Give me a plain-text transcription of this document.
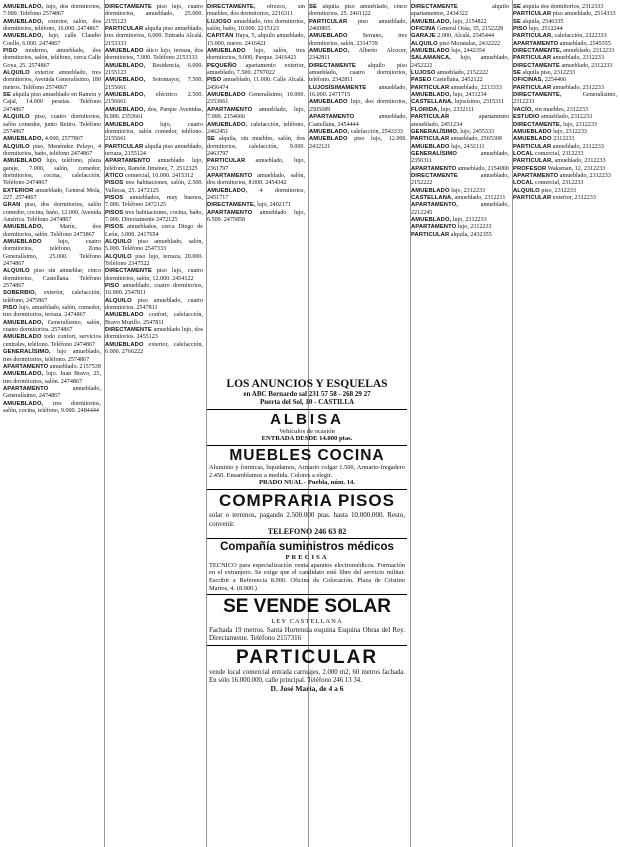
AMUEBLADO, lujo, dos dormitorios, 7.000. Teléfono 2574867

AMUEBLADO, exterior, salón, dos dormitorios, teléfono, 16.000. 2474867

AMUEBLADO, lujo, calle Claudio Coello, 6.000. 2474867

PISO moderno, amueblado, dos dormitorios, salón, teléfono, cerca Calle Goya, 25. 2574867

ALQUILO exterior amueblado, tres dormitorios, Avenida Generalísimo, 180 metros. Teléfono 2574867

SE alquila piso amueblado en Ramón y Cajal, 14.000 pesetas. Teléfono 2474867

ALQUILO piso, cuatro dormitorios, salón comedor, junto Retiro. Teléfono 2574867

AMUEBLADO, 4.000, 2577867

ALQUILO piso, Menéndez Pelayo, 4 dormitorios, baño, teléfono 2474867

AMUEBLADO lujo, teléfono, plaza garaje, 7.000, salón, comedor, dormitorios, cocina, calefacción. Teléfono 2474867

EXTERIOR amueblado, General Mola, 227. 2574867

GRAN piso, dos dormitorios, salón comedor, cocina, baño, 12.000, Avenida América. Teléfono 2474867

AMUEBLADO,	Marín, dos dormitorios, salón. Teléfono 2473867

AMUEBLADO	lujo, cuatro dormitorios, teléfono, Zona Generalísimo, 25.000. Teléfono 2474867

ALQUILO piso sin amueblar, cinco dormitorios, Castellana. Teléfono 2574867

SOBERBIO, exterior, calefacción, teléfono, 2475867

PISO lujo, amueblado, salón, comedor, tres dormitorios, terraza. 2474867

AMUEBLADO, Generalísimo, salón, cuatro dormitorios. 2574867

AMUEBLADO todo confort, servicios centrales, teléfono. Teléfono 2474867

GENERALÍSIMO, lujo amueblado, tres dormitorios, teléfono. 2574867

APARTAMENTO amueblado. 2157538

AMUEBLADO, lujo. Juan Bravo, 25, tres dormitorios, salón. 2474867

APARTAMENTO	amueblado, Generalísimo, 2474867

AMUEBLADO, tres dormitorios, salón, cocina, teléfono, 9.000. 2484444

DIRECTAMENTE piso lujo, cuatro dormitorios, amueblado, 25.000. 2155123

PARTICULAR alquila piso amueblado, tres dormitorios, 6.000. Entrada Alcalá. 2153333

AMUEBLADO ático lujo, terraza, dos dormitorios, 7.000. Teléfono 2153333

AMUEBLADO, Residencia, 6.000. 2155123

AMUEBLADO, Sotomayor, 7.500. 2155661

AMUEBLADO, eléctrico 2.500. 2156661

AMUEBLADO, dos, Parque Avenidas, 8.000. 2353661

AMUEBLADO	lujo, cuatro dormitorios, salón comedor, teléfono. 2155661

PARTICULAR alquila piso amueblado, terraza, 2155124

APARTAMENTO amueblado lujo, teléfono, Ramón Jiménez, 7. 2512325

ÁTICO comercial, 10.000. 2415312

PISOS tres habitaciones, salón, 2.500. Vallecas, 25. 2472125

PISOS amueblados, muy buenos, 7.000. Teléfono 2472125

PISOS tres habitaciones, cocina, baño, 7.000. Directamente 2472125

PISOS amueblados, cerca Diego de León, 3.000. 2417654

ALQUILO piso amueblado, salón, 5.000. Teléfono 2547333

ALQUILO piso lujo, terraza, 20.000. Teléfono 2347522

DIRECTAMENTE piso lujo, cuatro dormitorios, salón, 12.000. 2454122

PISO amueblado, cuatro dormitorios, 10.000. 2547811

ALQUILO piso amueblado, cuatro dormitorios. 2547811

AMUEBLADO confort, calefacción, Bravo Murillo. 2547811

DIRECTAMENTE amueblado lujo, dos dormitorios. 2455123

AMUEBLADO exterior, calefacción, 6.000. 2766222

DIRECTAMENTE, ofrezco, sin muebles, dos dormitorios, 2216311

LUJOSO amueblado, tres dormitorios, salón, baño, 10.000. 2215123

CAPITÁN Haya, 5, alquilo amueblado, 15.000, nuevo. 2416421

AMUEBLADO lujo, salón, tres dormitorios, 9.000, Parque. 2416421

PEQUEÑO apartamento exterior, amueblado, 7.500. 2797022

PISO amueblado, 11.000. Calle Alcalá. 2456474

AMUEBLADO Generalísimo, 19.000. 2353661

APARTAMENTO amueblado, lujo, 7.000. 2154666

AMUEBLADO, calefacción, teléfono, 2462451

SE alquila, sin muebles, salón, dos dormitorios, calefacción, 9.000. 2463797

PARTICULAR amueblado, lujo, 2361797

APARTAMENTO amueblado, salón, dos dormitorios, 8.000. 2454342

AMUEBLADO, 4 dormitorios, 2451717

DIRECTAMENTE, lujo, 2402171

APARTAMENTO amueblado lujo, 6.500. 2475858

SE alquila piso amueblado, cinco dormitorios, 25. 2461122

PARTICULAR piso amueblado, 2460865

AMUEBLADO Serrano, tres dormitorios, salón, 2314739

AMUEBLADO, Alberto Alcocer, 2342811

DIRECTAMENTE alquilo piso amueblado, cuatro dormitorios, teléfono. 2342811

LUJOSÍSIMAMENTE amueblado, 16.000. 2471715

AMUEBLADO lujo, dos dormitorios, 2505689

APARTAMENTO	amueblado, Castellana, 2454444

AMUEBLADO, calefacción, 2543333

AMUEBLADO piso lujo, 12.000. 2432121

DIRECTAMENTE	alquilo apartamentos, 2434322

AMUEBLADO, lujo, 2154822

OFICINA General Oráa, 35, 2152228

GARAJE 2.000, Alcalá, 2545444

ALQUILO piso Moratalaz, 2432222

AMUEBLADO lujo, 2442354

SALAMANCA, lujo, amueblado, 2452222

LUJOSO amueblado, 2152222

PASEO Castellana, 2452122

PARTICULAR amueblado, 2213333

AMUEBLADO, lujo, 2431234

CASTELLANA, lujosísimo, 2315311

FLORIDA, lujo, 2332111

PARTICULAR	apartamento amueblado, 2451234

GENERALÍSIMO, lujo, 2455333

PARTICULAR amueblado, 2565308

AMUEBLADO lujo, 2432111

GENERALÍSIMO	amueblado, 2356311

APARTAMENTO amueblado, 2154000

DIRECTAMENTE	amueblado, 2152222

AMUEBLADO lujo, 2312233

CASTELLANA, amueblado, 2312211

APARTAMENTO,	amueblado, 2212245

AMUEBLADO, lujo, 2312233

APARTAMENTO lujo, 2312233

PARTICULAR alquila, 2432355

SE alquila dos dormitorios, 2312333

PARTICULAR piso amueblado, 2514333

SE alquila, 2546335

PISO lujo, 2512244

PARTICULAR, calefacción, 2322333

APARTAMENTO amueblado, 2545555

DIRECTAMENTE, amueblado, 2312233

PARTICULAR amueblado, 2312233

DIRECTAMENTE amueblado, 2312233

SE alquila piso, 2312233

OFICINAS, 2254466

PARTICULAR amueblado, 2312233

DIRECTAMENTE,	Generalísimo, 2312233

VACÍO, sin muebles, 2312233

ESTUDIO amueblado, 2312233

DIRECTAMENTE, lujo, 2312233

AMUEBLADO lujo, 2312233

AMUEBLADO 2312233

PARTICULAR amueblado, 2312233

LOCAL comercial, 2312233

PARTICULAR, amueblado, 2312233

PROFESOR Waksman, 12, 2312233

APARTAMENTO amueblado, 2312233

LOCAL comercial, 2312233

ALQUILO piso, 2312233

PARTICULAR exterior, 2312233

LOS ANUNCIOS Y ESQUELAS
en ABC Bernardo sal 231 57 58 - 268 29 27
Puerta del Sol, 10 - CASTILLA
ALBISA
Vehículos de ocasión
ENTRADA DESDE 14.000 ptas.
MUEBLES COCINA
Aluminio y formicas, liquidamos, Armario colgar 1.500, Armario-fregadero 2.450. Ensamblamos a medida. Colores a elegir.
PRADO NUAL - Puebla, núm. 14.
COMPRARIA PISOS
solar o terrenos, pagando 2.500.000 ptas. hasta 10.000.000. Resto, convenir.
TELEFONO 246 63 82
Compañía suministros médicos
PRECISA
TECNICO para especialización venta aparatos electromédicos. Formación en el extranjero. Se exige que el candidato esté libre del servicio militar. Escribir a Referencia 8.000. Oficina de Colocación. Plaza de Cristino Martos, 4. (8.000.)
SE VENDE SOLAR
LEY CASTELLANA
Fachada 19 metros. Santa Hortensia esquina Esquina Obras del Rey. Directamente. Teléfono 2157316
PARTICULAR
vende local comercial entrada carruajes, 2.000 m2, 60 metros fachada. En sólo 16.000.000, calle principal. Teléfono 246 13 34.
D. José María, de 4 a 6
